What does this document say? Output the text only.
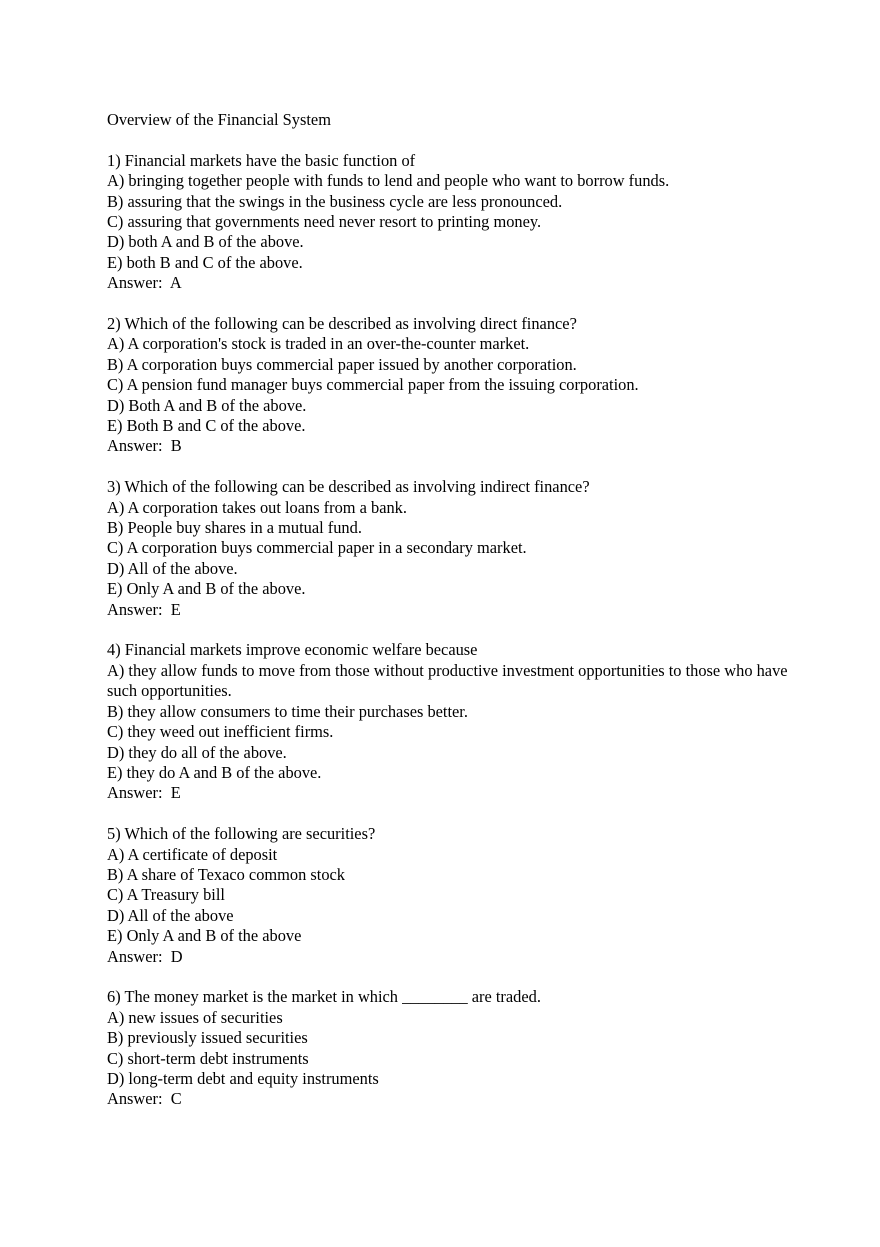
Overview of the Financial System
1) Financial markets have the basic function of
A) bringing together people with funds to lend and people who want to borrow funds.
B) assuring that the swings in the business cycle are less pronounced.
C) assuring that governments need never resort to printing money.
D) both A and B of the above.
E) both B and C of the above.
Answer:  A
2) Which of the following can be described as involving direct finance?
A) A corporation's stock is traded in an over-the-counter market.
B) A corporation buys commercial paper issued by another corporation.
C) A pension fund manager buys commercial paper from the issuing corporation.
D) Both A and B of the above.
E) Both B and C of the above.
Answer:  B
3) Which of the following can be described as involving indirect finance?
A) A corporation takes out loans from a bank.
B) People buy shares in a mutual fund.
C) A corporation buys commercial paper in a secondary market.
D) All of the above.
E) Only A and B of the above.
Answer:  E
4) Financial markets improve economic welfare because
A) they allow funds to move from those without productive investment opportunities to those who have such opportunities.
B) they allow consumers to time their purchases better.
C) they weed out inefficient firms.
D) they do all of the above.
E) they do A and B of the above.
Answer:  E
5) Which of the following are securities?
A) A certificate of deposit
B) A share of Texaco common stock
C) A Treasury bill
D) All of the above
E) Only A and B of the above
Answer:  D
6) The money market is the market in which ________ are traded.
A) new issues of securities
B) previously issued securities
C) short-term debt instruments
D) long-term debt and equity instruments
Answer:  C
